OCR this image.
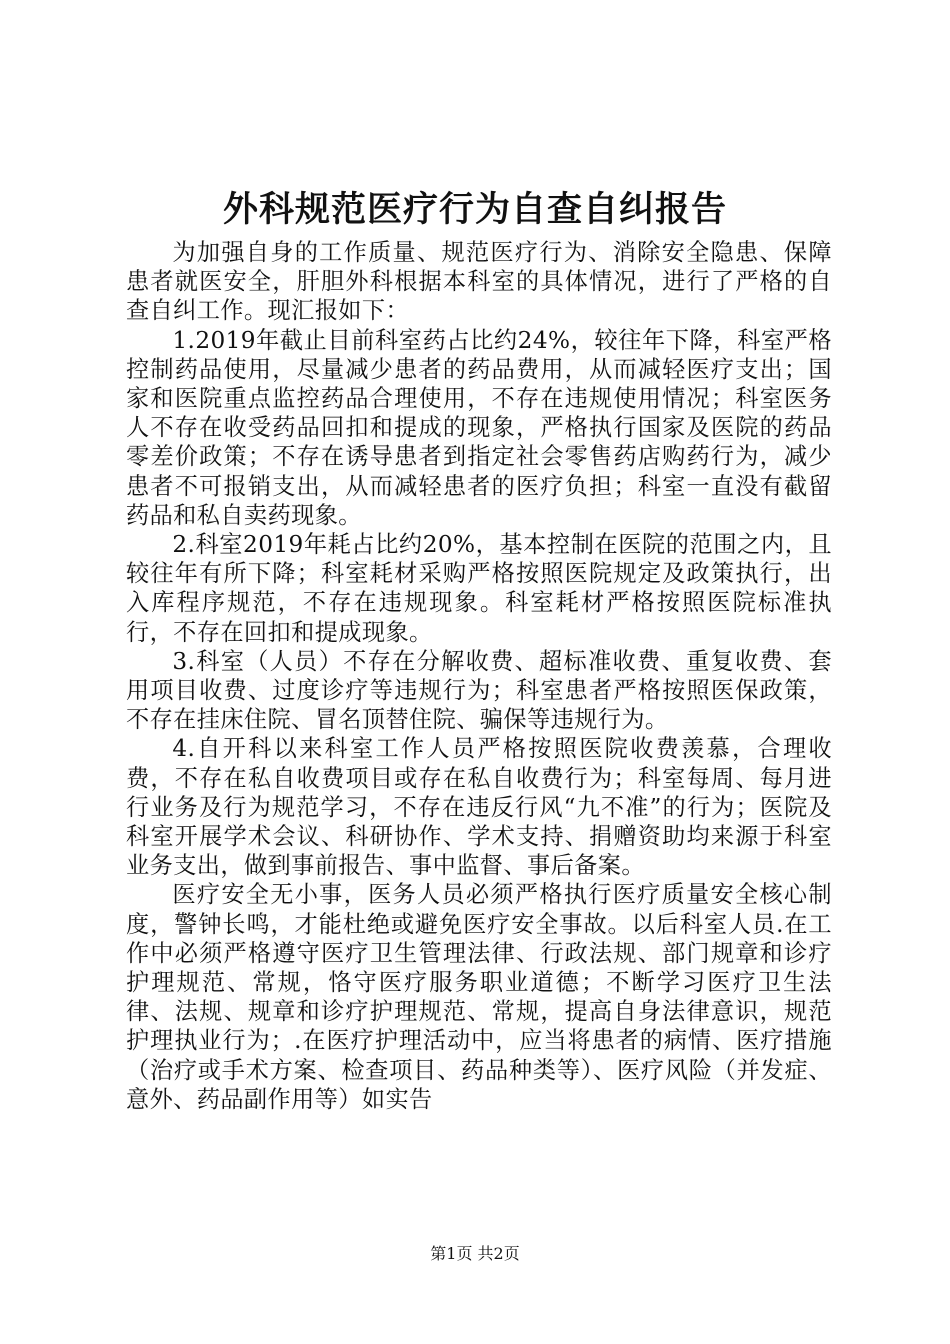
外科规范医疗行为自查自纠报告

为加强自身的工作质量、规范医疗行为、消除安全隐患、保障患者就医安全，肝胆外科根据本科室的具体情况，进行了严格的自查自纠工作。现汇报如下：

1.2019年截止目前科室药占比约24%，较往年下降，科室严格控制药品使用，尽量减少患者的药品费用，从而减轻医疗支出；国家和医院重点监控药品合理使用，不存在违规使用情况；科室医务人不存在收受药品回扣和提成的现象，严格执行国家及医院的药品零差价政策；不存在诱导患者到指定社会零售药店购药行为，减少患者不可报销支出，从而减轻患者的医疗负担；科室一直没有截留药品和私自卖药现象。

2.科室2019年耗占比约20%，基本控制在医院的范围之内，且较往年有所下降；科室耗材采购严格按照医院规定及政策执行，出入库程序规范，不存在违规现象。科室耗材严格按照医院标准执行，不存在回扣和提成现象。

3.科室（人员）不存在分解收费、超标准收费、重复收费、套用项目收费、过度诊疗等违规行为；科室患者严格按照医保政策，不存在挂床住院、冒名顶替住院、骗保等违规行为。

4.自开科以来科室工作人员严格按照医院收费羡慕，合理收费，不存在私自收费项目或存在私自收费行为；科室每周、每月进行业务及行为规范学习，不存在违反行风“九不准”的行为；医院及科室开展学术会议、科研协作、学术支持、捐赠资助均来源于科室业务支出，做到事前报告、事中监督、事后备案。

医疗安全无小事，医务人员必须严格执行医疗质量安全核心制度，警钟长鸣，才能杜绝或避免医疗安全事故。以后科室人员.在工作中必须严格遵守医疗卫生管理法律、行政法规、部门规章和诊疗护理规范、常规，恪守医疗服务职业道德；不断学习医疗卫生法律、法规、规章和诊疗护理规范、常规，提高自身法律意识，规范护理执业行为；.在医疗护理活动中，应当将患者的病情、医疗措施（治疗或手术方案、检查项目、药品种类等）、医疗风险（并发症、意外、药品副作用等）如实告

第1页 共2页
